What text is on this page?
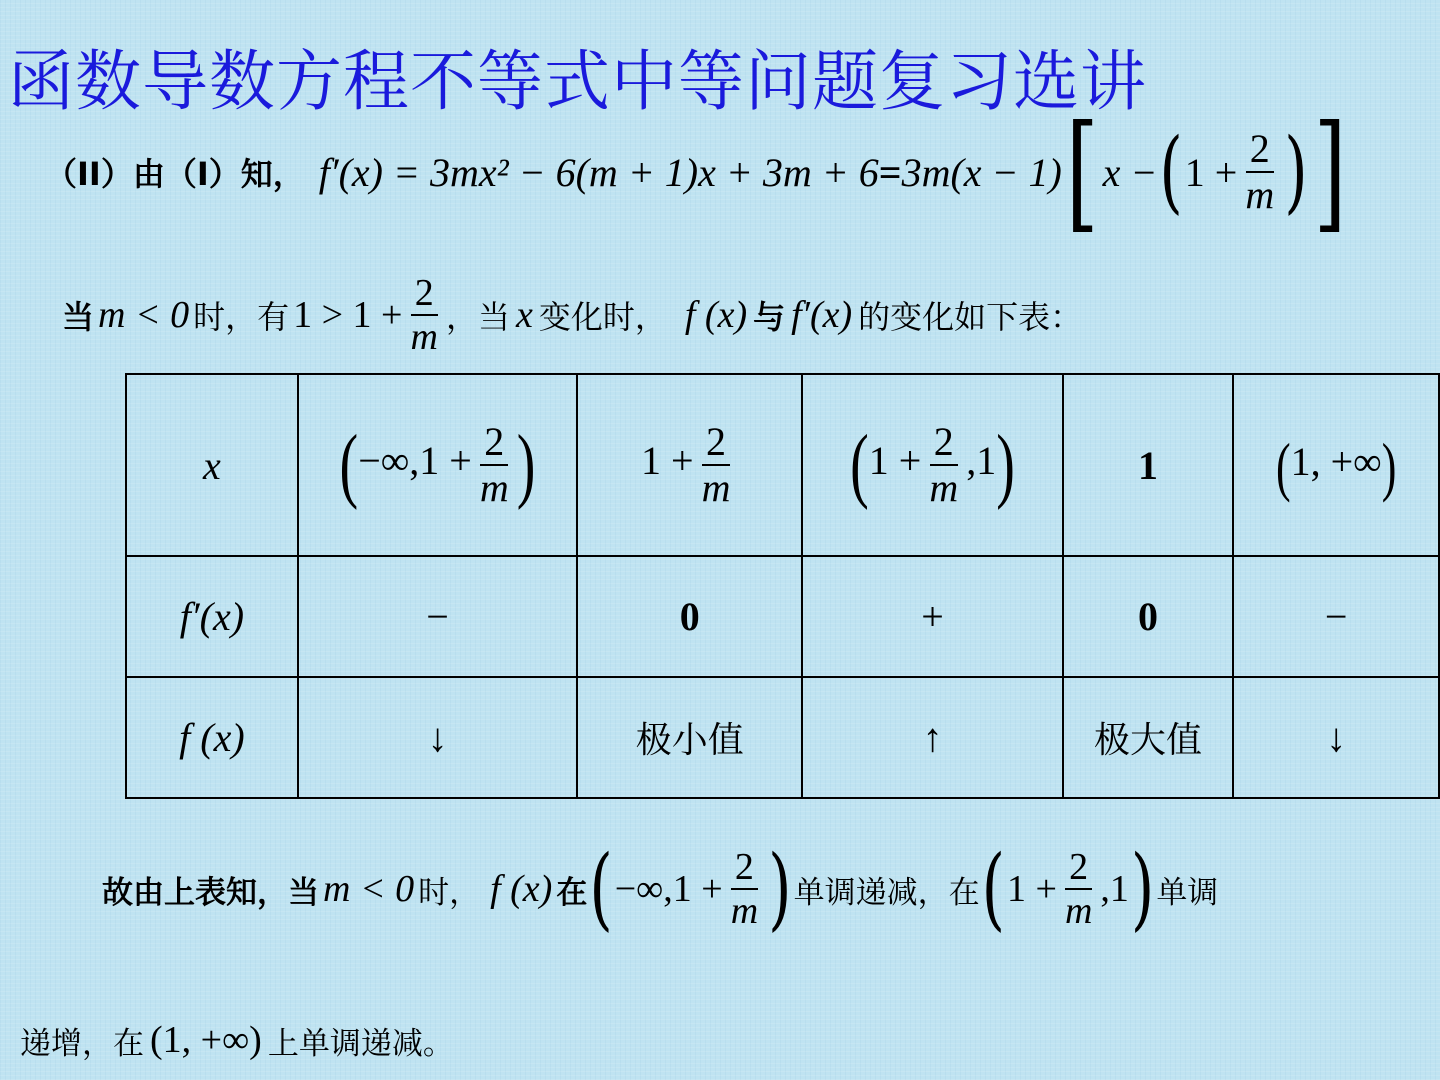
函数导数方程不等式中等问题复习选讲
（II）由（I）知， f′(x) = 3mx² − 6(m + 1)x + 3m + 6 = 3m(x − 1) [ x − ( $1 + \frac{2}{m}$ ) ]
当 m < 0 时，有 $1 > 1 + \frac{2}{m}$ ，当 x 变化时， f (x) 与 f′(x) 的变化如下表：
x	($-\infty,1 + \frac{2}{m}$ )	$1 + \frac{2}{m}$	$(1 + \frac{2}{m} ,1)$	1	(1, +∞)
f′(x)	−	0	+	0	−
f (x)	↓	极小值	↑	极大值	↓
故由上表知，当 m < 0 时， f (x) 在 ( $-\infty,1 + \frac{2}{m}$ ) 单调递减，在 ( $1 + \frac{2}{m} ,1$ ) 单调
递增，在 (1, +∞) 上单调递减。
